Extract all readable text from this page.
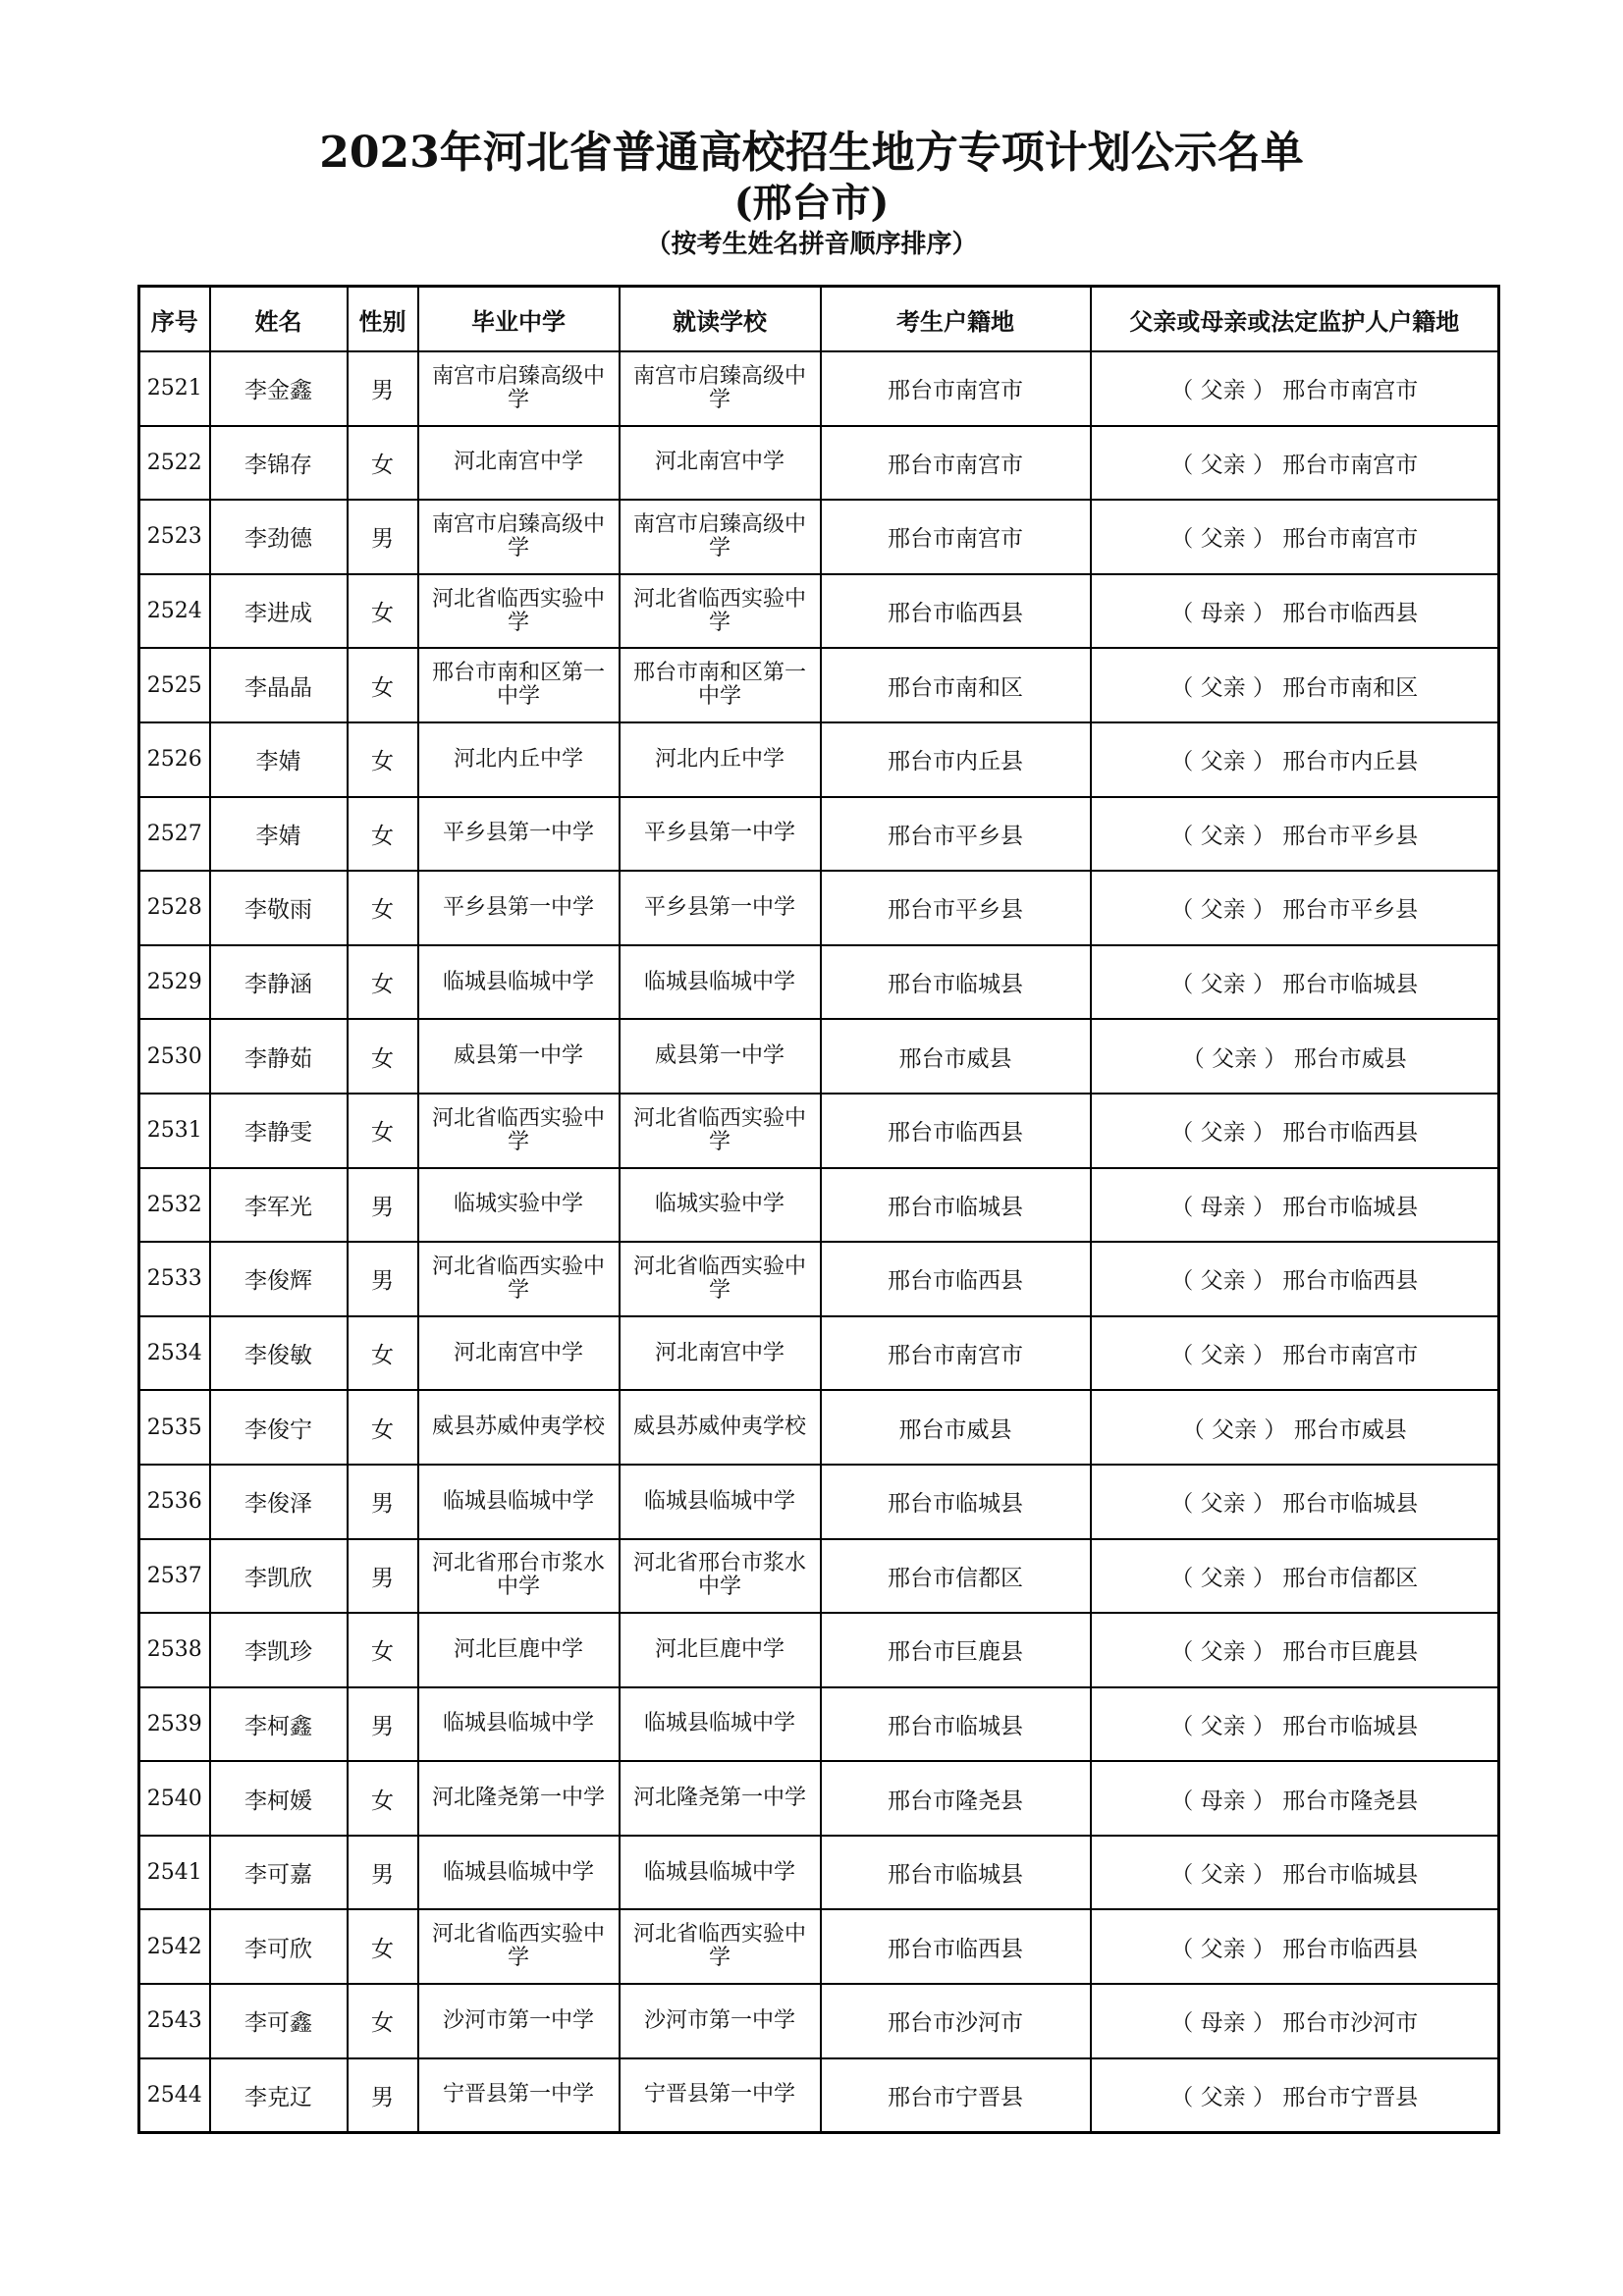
2023年河北省普通高校招生地方专项计划公示名单
(邢台市)
（按考生姓名拼音顺序排序）
序号	姓名	性别	毕业中学	就读学校	考生户籍地	父亲或母亲或法定监护人户籍地
2521	李金鑫	男	南宫市启臻高级中学	南宫市启臻高级中学	邢台市南宫市	（ 父亲 ） 邢台市南宫市
2522	李锦存	女	河北南宫中学	河北南宫中学	邢台市南宫市	（ 父亲 ） 邢台市南宫市
2523	李劲德	男	南宫市启臻高级中学	南宫市启臻高级中学	邢台市南宫市	（ 父亲 ） 邢台市南宫市
2524	李进成	女	河北省临西实验中学	河北省临西实验中学	邢台市临西县	（ 母亲 ） 邢台市临西县
2525	李晶晶	女	邢台市南和区第一中学	邢台市南和区第一中学	邢台市南和区	（ 父亲 ） 邢台市南和区
2526	李婧	女	河北内丘中学	河北内丘中学	邢台市内丘县	（ 父亲 ） 邢台市内丘县
2527	李婧	女	平乡县第一中学	平乡县第一中学	邢台市平乡县	（ 父亲 ） 邢台市平乡县
2528	李敬雨	女	平乡县第一中学	平乡县第一中学	邢台市平乡县	（ 父亲 ） 邢台市平乡县
2529	李静涵	女	临城县临城中学	临城县临城中学	邢台市临城县	（ 父亲 ） 邢台市临城县
2530	李静茹	女	威县第一中学	威县第一中学	邢台市威县	（ 父亲 ） 邢台市威县
2531	李静雯	女	河北省临西实验中学	河北省临西实验中学	邢台市临西县	（ 父亲 ） 邢台市临西县
2532	李军光	男	临城实验中学	临城实验中学	邢台市临城县	（ 母亲 ） 邢台市临城县
2533	李俊辉	男	河北省临西实验中学	河北省临西实验中学	邢台市临西县	（ 父亲 ） 邢台市临西县
2534	李俊敏	女	河北南宫中学	河北南宫中学	邢台市南宫市	（ 父亲 ） 邢台市南宫市
2535	李俊宁	女	威县苏威仲夷学校	威县苏威仲夷学校	邢台市威县	（ 父亲 ） 邢台市威县
2536	李俊泽	男	临城县临城中学	临城县临城中学	邢台市临城县	（ 父亲 ） 邢台市临城县
2537	李凯欣	男	河北省邢台市浆水中学	河北省邢台市浆水中学	邢台市信都区	（ 父亲 ） 邢台市信都区
2538	李凯珍	女	河北巨鹿中学	河北巨鹿中学	邢台市巨鹿县	（ 父亲 ） 邢台市巨鹿县
2539	李柯鑫	男	临城县临城中学	临城县临城中学	邢台市临城县	（ 父亲 ） 邢台市临城县
2540	李柯媛	女	河北隆尧第一中学	河北隆尧第一中学	邢台市隆尧县	（ 母亲 ） 邢台市隆尧县
2541	李可嘉	男	临城县临城中学	临城县临城中学	邢台市临城县	（ 父亲 ） 邢台市临城县
2542	李可欣	女	河北省临西实验中学	河北省临西实验中学	邢台市临西县	（ 父亲 ） 邢台市临西县
2543	李可鑫	女	沙河市第一中学	沙河市第一中学	邢台市沙河市	（ 母亲 ） 邢台市沙河市
2544	李克辽	男	宁晋县第一中学	宁晋县第一中学	邢台市宁晋县	（ 父亲 ） 邢台市宁晋县
